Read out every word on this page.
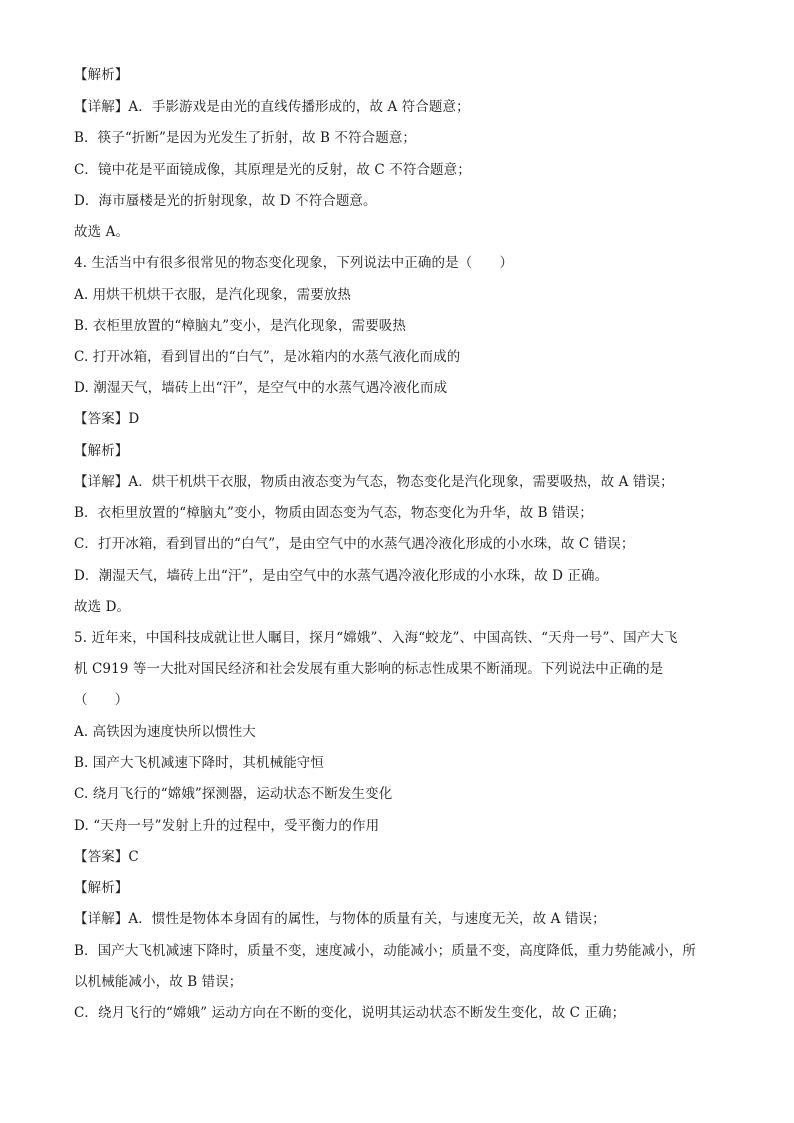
【解析】
【详解】A．手影游戏是由光的直线传播形成的，故 A 符合题意；
B．筷子“折断”是因为光发生了折射，故 B 不符合题意；
C．镜中花是平面镜成像，其原理是光的反射，故 C 不符合题意；
D．海市蜃楼是光的折射现象，故 D 不符合题意。
故选 A。
4. 生活当中有很多很常见的物态变化现象，下列说法中正确的是（　　）
A. 用烘干机烘干衣服，是汽化现象，需要放热
B. 衣柜里放置的“樟脑丸”变小，是汽化现象，需要吸热
C. 打开冰箱，看到冒出的“白气”，是冰箱内的水蒸气液化而成的
D. 潮湿天气，墙砖上出“汗”，是空气中的水蒸气遇冷液化而成
【答案】D
【解析】
【详解】A．烘干机烘干衣服，物质由液态变为气态，物态变化是汽化现象，需要吸热，故 A 错误；
B．衣柜里放置的“樟脑丸”变小，物质由固态变为气态，物态变化为升华，故 B 错误；
C．打开冰箱，看到冒出的“白气”，是由空气中的水蒸气遇冷液化形成的小水珠，故 C 错误；
D．潮湿天气，墙砖上出“汗”，是由空气中的水蒸气遇冷液化形成的小水珠，故 D 正确。
故选 D。
5. 近年来，中国科技成就让世人瞩目，探月“嫦娥”、入海“蛟龙”、中国高铁、“天舟一号”、国产大飞
机 C919 等一大批对国民经济和社会发展有重大影响的标志性成果不断涌现。下列说法中正确的是
（　　）
A. 高铁因为速度快所以惯性大
B. 国产大飞机减速下降时，其机械能守恒
C. 绕月飞行的“嫦娥”探测器，运动状态不断发生变化
D. “天舟一号”发射上升的过程中，受平衡力的作用
【答案】C
【解析】
【详解】A．惯性是物体本身固有的属性，与物体的质量有关，与速度无关，故 A 错误；
B．国产大飞机减速下降时，质量不变，速度减小，动能减小；质量不变，高度降低，重力势能减小，所
以机械能减小，故 B 错误；
C．绕月飞行的“嫦娥” 运动方向在不断的变化，说明其运动状态不断发生变化，故 C 正确；
